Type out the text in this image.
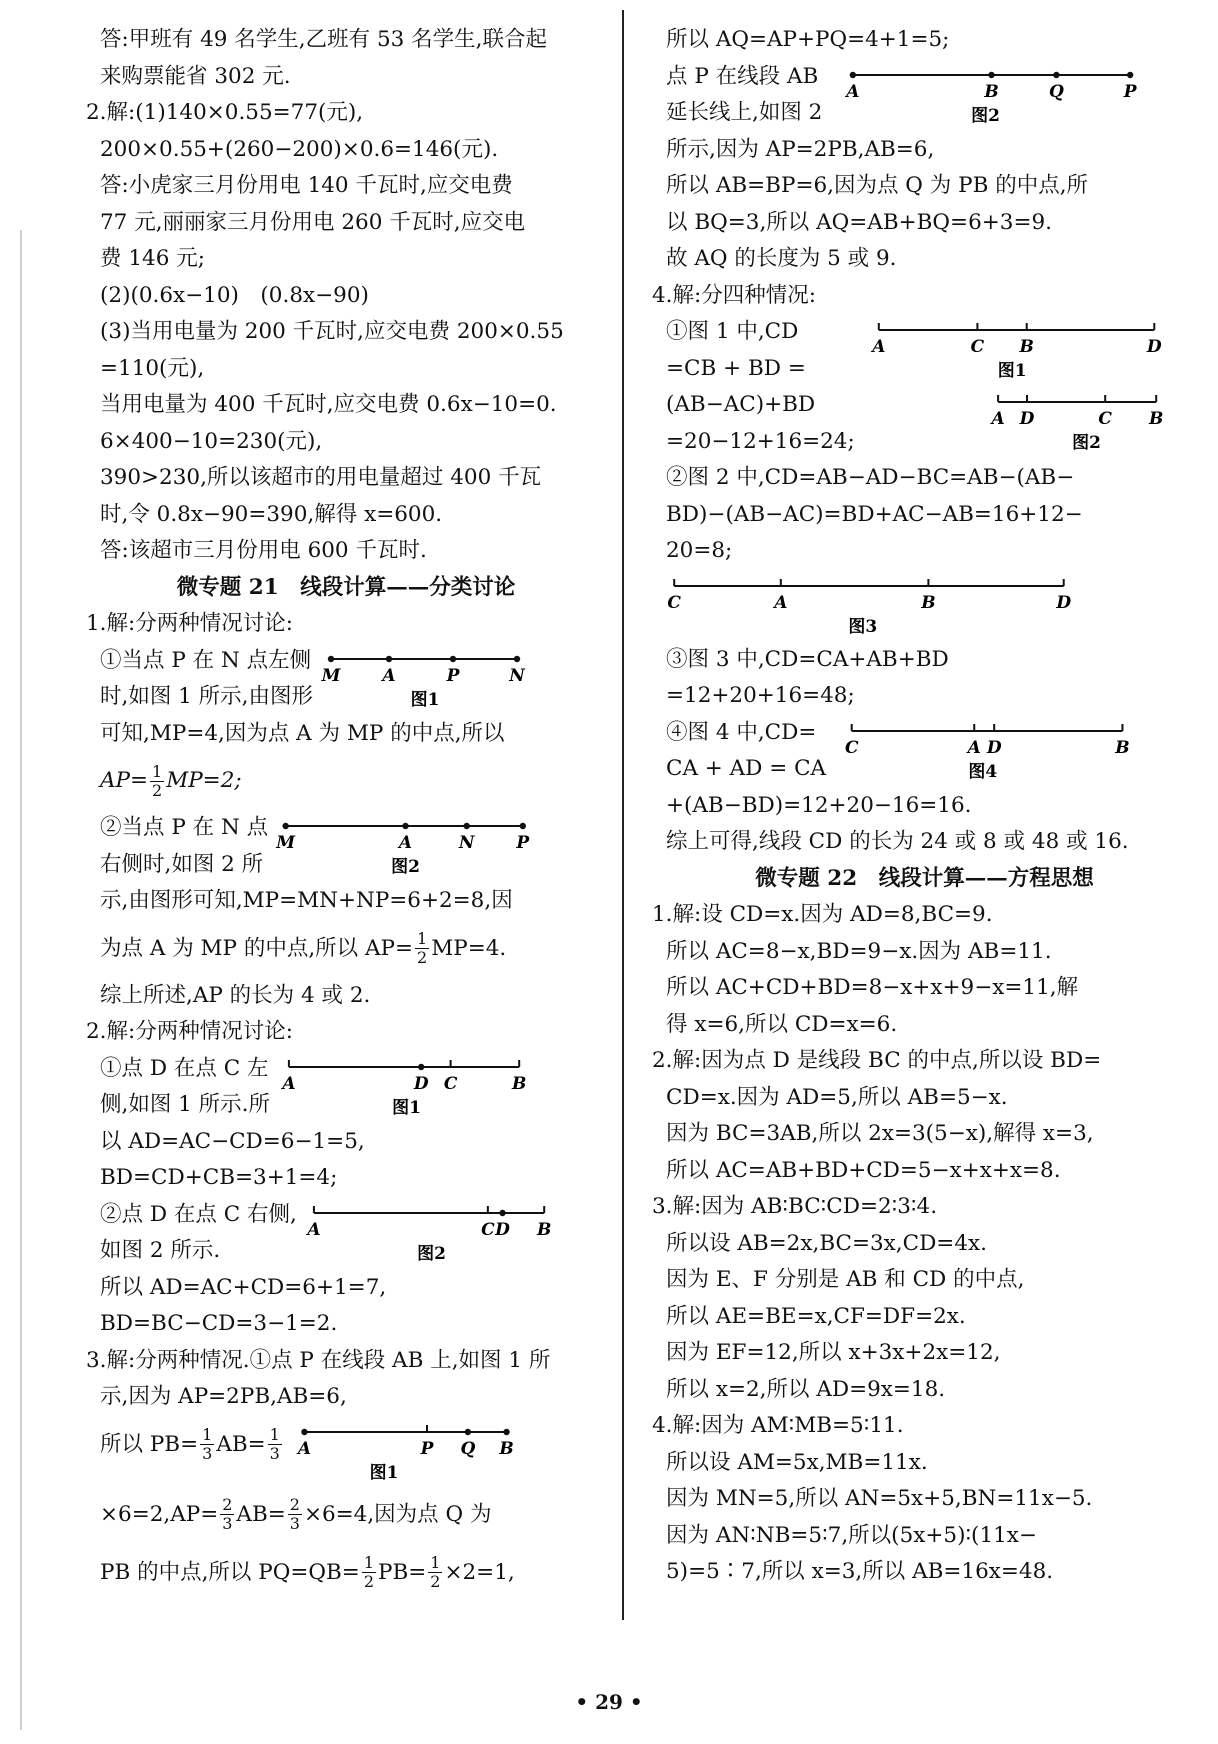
答:甲班有 49 名学生,乙班有 53 名学生,联合起
来购票能省 302 元.
2.解:(1)140×0.55=77(元),
200×0.55+(260−200)×0.6=146(元).
答:小虎家三月份用电 140 千瓦时,应交电费
77 元,丽丽家三月份用电 260 千瓦时,应交电
费 146 元;
(2)(0.6x−10)　(0.8x−90)
(3)当用电量为 200 千瓦时,应交电费 200×0.55
=110(元),
当用电量为 400 千瓦时,应交电费 0.6x−10=0.
6×400−10=230(元),
390>230,所以该超市的用电量超过 400 千瓦
时,令 0.8x−90=390,解得 x=600.
答:该超市三月份用电 600 千瓦时.
微专题 21　线段计算——分类讨论
1.解:分两种情况讨论:
①当点 P 在 N 点左侧
时,如图 1 所示,由图形
M A	P	N
图1
可知,MP=4,因为点 A 为 MP 的中点,所以
$AP= \frac{1}{2} MP=2$;
②当点 P 在 N 点
右侧时,如图 2 所
M	A	N P
图2
示,由图形可知,MP=MN+NP=6+2=8,因
为点 A 为 MP 的中点,所以 $AP= \frac{1}{2} MP=4$.
综上所述,AP 的长为 4 或 2.
2.解:分两种情况讨论:
①点 D 在点 C 左
侧,如图 1 所示.所
A	D C	B
图1
以 AD=AC−CD=6−1=5,
BD=CD+CB=3+1=4;
②点 D 在点 C 右侧,
如图 2 所示.
A	C D B
图2
所以 AD=AC+CD=6+1=7,
BD=BC−CD=3−1=2.
3.解:分两种情况.①点 P 在线段 AB 上,如图 1 所
示,因为 AP=2PB,AB=6,
所以 $PB= \frac{1}{3} AB= \frac{1}{3}$ A	P Q B
图1
$\times 6=2,AP= \frac{2}{3} AB= \frac{2}{3} \times 6=4$,因为点 Q 为
PB 的中点,所以 $PQ=QB= \frac{1}{2} PB= \frac{1}{2} \times 2=1$,
所以 AQ=AP+PQ=4+1=5;
点 P 在线段 AB
延长线上,如图 2
A	B	Q	P
图2
所示,因为 AP=2PB,AB=6,
所以 AB=BP=6,因为点 Q 为 PB 的中点,所
以 BQ=3,所以 AQ=AB+BQ=6+3=9.
故 AQ 的长度为 5 或 9.
4.解:分四种情况:
①图 1 中,CD
=CB + BD =
(AB−AC)+BD
=20−12+16=24;
A	C B	D
图1
A D	C B
图2
②图 2 中,CD=AB−AD−BC=AB−(AB−
BD)−(AB−AC)=BD+AC−AB=16+12−
20=8;
C	A	B	D
图3
③图 3 中,CD=CA+AB+BD
=12+20+16=48;
④图 4 中,CD=
CA + AD = CA
C	A D	B
图4
+(AB−BD)=12+20−16=16.
综上可得,线段 CD 的长为 24 或 8 或 48 或 16.
微专题 22　线段计算——方程思想
1.解:设 CD=x.因为 AD=8,BC=9.
所以 AC=8−x,BD=9−x.因为 AB=11.
所以 AC+CD+BD=8−x+x+9−x=11,解
得 x=6,所以 CD=x=6.
2.解:因为点 D 是线段 BC 的中点,所以设 BD=
CD=x.因为 AD=5,所以 AB=5−x.
因为 BC=3AB,所以 2x=3(5−x),解得 x=3,
所以 AC=AB+BD+CD=5−x+x+x=8.
3.解:因为 AB∶BC∶CD=2∶3∶4.
所以设 AB=2x,BC=3x,CD=4x.
因为 E、F 分别是 AB 和 CD 的中点,
所以 AE=BE=x,CF=DF=2x.
因为 EF=12,所以 x+3x+2x=12,
所以 x=2,所以 AD=9x=18.
4.解:因为 AM∶MB=5∶11.
所以设 AM=5x,MB=11x.
因为 MN=5,所以 AN=5x+5,BN=11x−5.
因为 AN∶NB=5∶7,所以(5x+5)∶(11x−
5)=5∶7,所以 x=3,所以 AB=16x=48.
• 29 •
